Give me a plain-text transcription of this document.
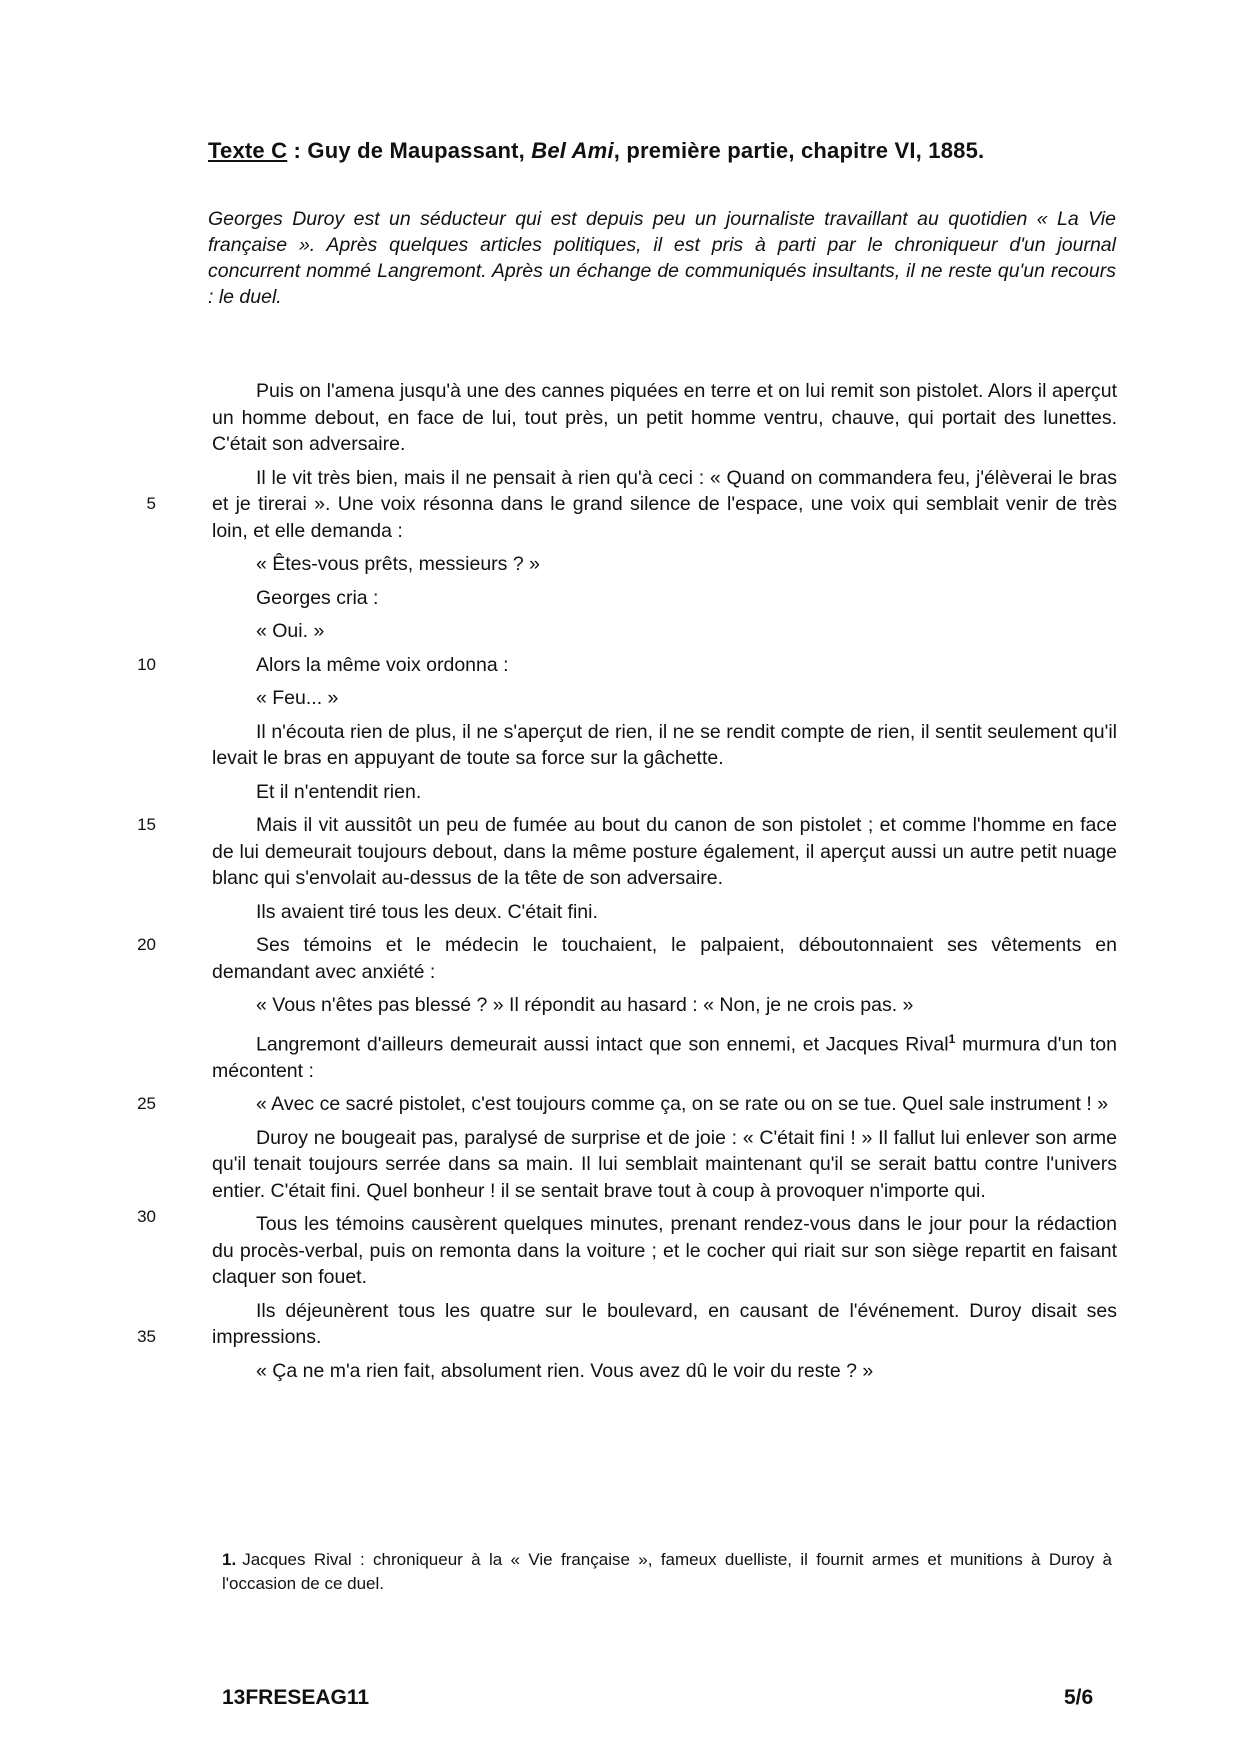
Texte C : Guy de Maupassant, Bel Ami, première partie, chapitre VI, 1885.
Georges Duroy est un séducteur qui est depuis peu un journaliste travaillant au quotidien « La Vie française ». Après quelques articles politiques, il est pris à parti par le chroniqueur d'un journal concurrent nommé Langremont. Après un échange de communiqués insultants, il ne reste qu'un recours : le duel.
Puis on l'amena jusqu'à une des cannes piquées en terre et on lui remit son pistolet. Alors il aperçut un homme debout, en face de lui, tout près, un petit homme ventru, chauve, qui portait des lunettes. C'était son adversaire.
5
Il le vit très bien, mais il ne pensait à rien qu'à ceci : « Quand on commandera feu, j'élèverai le bras et je tirerai ». Une voix résonna dans le grand silence de l'espace, une voix qui semblait venir de très loin, et elle demanda :
« Êtes-vous prêts, messieurs ? »
Georges cria :
« Oui. »
10	Alors la même voix ordonna :
« Feu... »
Il n'écouta rien de plus, il ne s'aperçut de rien, il ne se rendit compte de rien, il sentit seulement qu'il levait le bras en appuyant de toute sa force sur la gâchette.
Et il n'entendit rien.
15	Mais il vit aussitôt un peu de fumée au bout du canon de son pistolet ; et comme l'homme en face de lui demeurait toujours debout, dans la même posture également, il aperçut aussi un autre petit nuage blanc qui s'envolait au-dessus de la tête de son adversaire.
Ils avaient tiré tous les deux. C'était fini.
20	Ses témoins et le médecin le touchaient, le palpaient, déboutonnaient ses vêtements en demandant avec anxiété :
« Vous n'êtes pas blessé ? » Il répondit au hasard : « Non, je ne crois pas. »
Langremont d'ailleurs demeurait aussi intact que son ennemi, et Jacques Rival$^1$ murmura d'un ton mécontent :
25	« Avec ce sacré pistolet, c'est toujours comme ça, on se rate ou on se tue. Quel sale instrument ! »
30
Duroy ne bougeait pas, paralysé de surprise et de joie : « C'était fini ! » Il fallut lui enlever son arme qu'il tenait toujours serrée dans sa main. Il lui semblait maintenant qu'il se serait battu contre l'univers entier. C'était fini. Quel bonheur ! il se sentait brave tout à coup à provoquer n'importe qui.
Tous les témoins causèrent quelques minutes, prenant rendez-vous dans le jour pour la rédaction du procès-verbal, puis on remonta dans la voiture ; et le cocher qui riait sur son siège repartit en faisant claquer son fouet.
35
Ils déjeunèrent tous les quatre sur le boulevard, en causant de l'événement. Duroy disait ses impressions.
« Ça ne m'a rien fait, absolument rien. Vous avez dû le voir du reste ? »
1. Jacques Rival : chroniqueur à la « Vie française », fameux duelliste, il fournit armes et munitions à Duroy à l'occasion de ce duel.
13FRESEAG11	5/6
